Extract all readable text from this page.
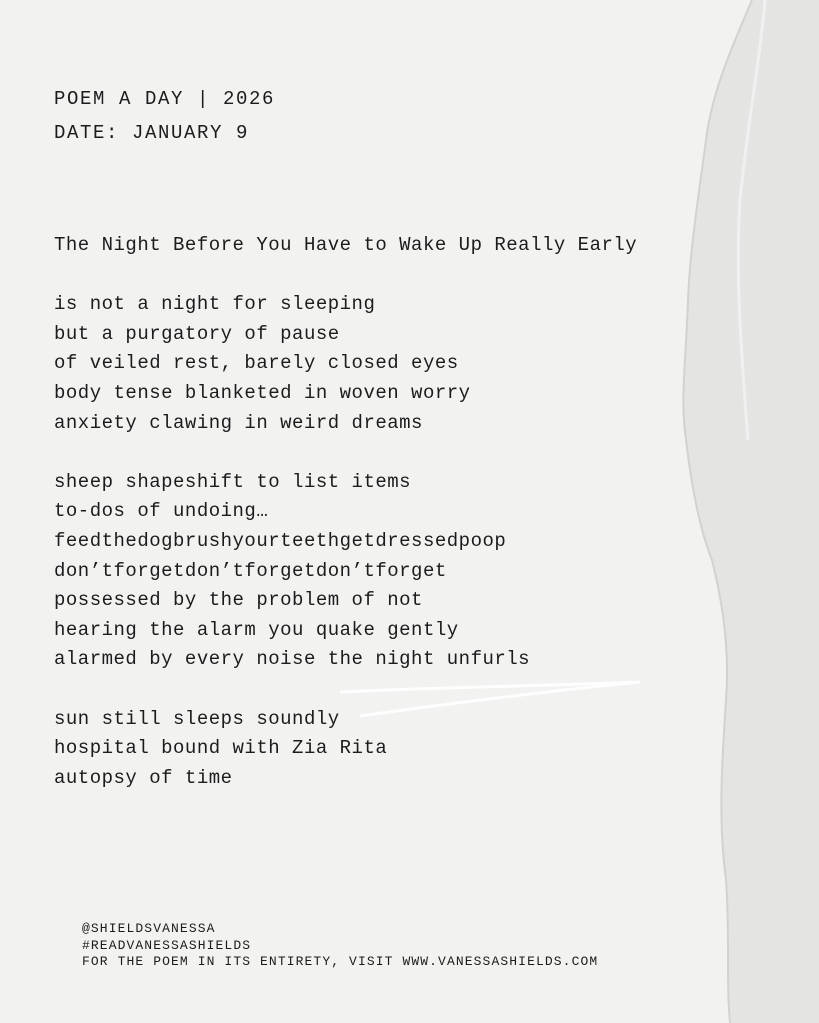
POEM A DAY | 2026
DATE: JANUARY 9
The Night Before You Have to Wake Up Really Early
is not a night for sleeping
but a purgatory of pause
of veiled rest, barely closed eyes
body tense blanketed in woven worry
anxiety clawing in weird dreams
sheep shapeshift to list items
to-dos of undoing…
feedthedogbrushyourteethgetdressedpoop
don’tforgetdon’tforgetdon’tforget
possessed by the problem of not
hearing the alarm you quake gently
alarmed by every noise the night unfurls
sun still sleeps soundly
hospital bound with Zia Rita
autopsy of time
@SHIELDSVANESSA
#READVANESSASHIELDS
FOR THE POEM IN ITS ENTIRETY, VISIT WWW.VANESSASHIELDS.COM
